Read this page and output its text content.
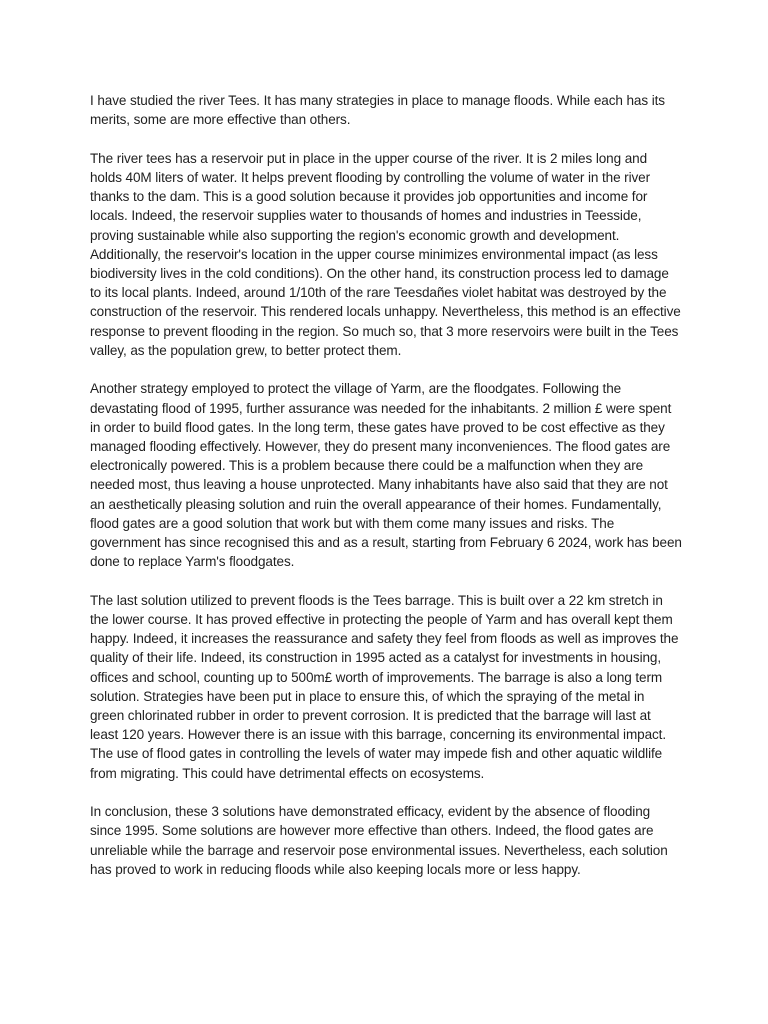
I have studied the river Tees. It has many strategies in place to manage floods. While each has its merits, some are more effective than others.

The river tees has a reservoir put in place in the upper course of the river. It is 2 miles long and holds 40M liters of water. It helps prevent flooding by controlling the volume of water in the river thanks to the dam. This is a good solution because it provides job opportunities and income for locals. Indeed, the reservoir supplies water to thousands of homes and industries in Teesside, proving sustainable while also supporting the region's economic growth and development. Additionally, the reservoir's location in the upper course minimizes environmental impact (as less biodiversity lives in the cold conditions). On the other hand, its construction process led to damage to its local plants. Indeed, around 1/10th of the rare Teesdañes violet habitat was destroyed by the construction of the reservoir. This rendered locals unhappy. Nevertheless, this method is an effective response to prevent flooding in the region. So much so, that 3 more reservoirs were built in the Tees valley, as the population grew, to better protect them.

Another strategy employed to protect the village of Yarm, are the floodgates. Following the devastating flood of 1995, further assurance was needed for the inhabitants. 2 million £ were spent in order to build flood gates. In the long term, these gates have proved to be cost effective as they managed flooding effectively. However, they do present many inconveniences. The flood gates are electronically powered. This is a problem because there could be a malfunction when they are needed most, thus leaving a house unprotected. Many inhabitants have also said that they are not an aesthetically pleasing solution and ruin the overall appearance of their homes. Fundamentally, flood gates are a good solution that work but with them come many issues and risks. The government has since recognised this and as a result, starting from February 6 2024, work has been done to replace Yarm's floodgates.

The last solution utilized to prevent floods is the Tees barrage. This is built over a 22 km stretch in the lower course. It has proved effective in protecting the people of Yarm and has overall kept them happy. Indeed, it increases the reassurance and safety they feel from floods as well as improves the quality of their life. Indeed, its construction in 1995 acted as a catalyst for investments in housing, offices and school, counting up to 500m£ worth of improvements. The barrage is also a long term solution. Strategies have been put in place to ensure this, of which the spraying of the metal in green chlorinated rubber in order to prevent corrosion. It is predicted that the barrage will last at least 120 years. However there is an issue with this barrage, concerning its environmental impact. The use of flood gates in controlling the levels of water may impede fish and other aquatic wildlife from migrating. This could have detrimental effects on ecosystems.

In conclusion, these 3 solutions have demonstrated efficacy, evident by the absence of flooding since 1995. Some solutions are however more effective than others. Indeed, the flood gates are unreliable while the barrage and reservoir pose environmental issues. Nevertheless, each solution has proved to work in reducing floods while also keeping locals more or less happy.
